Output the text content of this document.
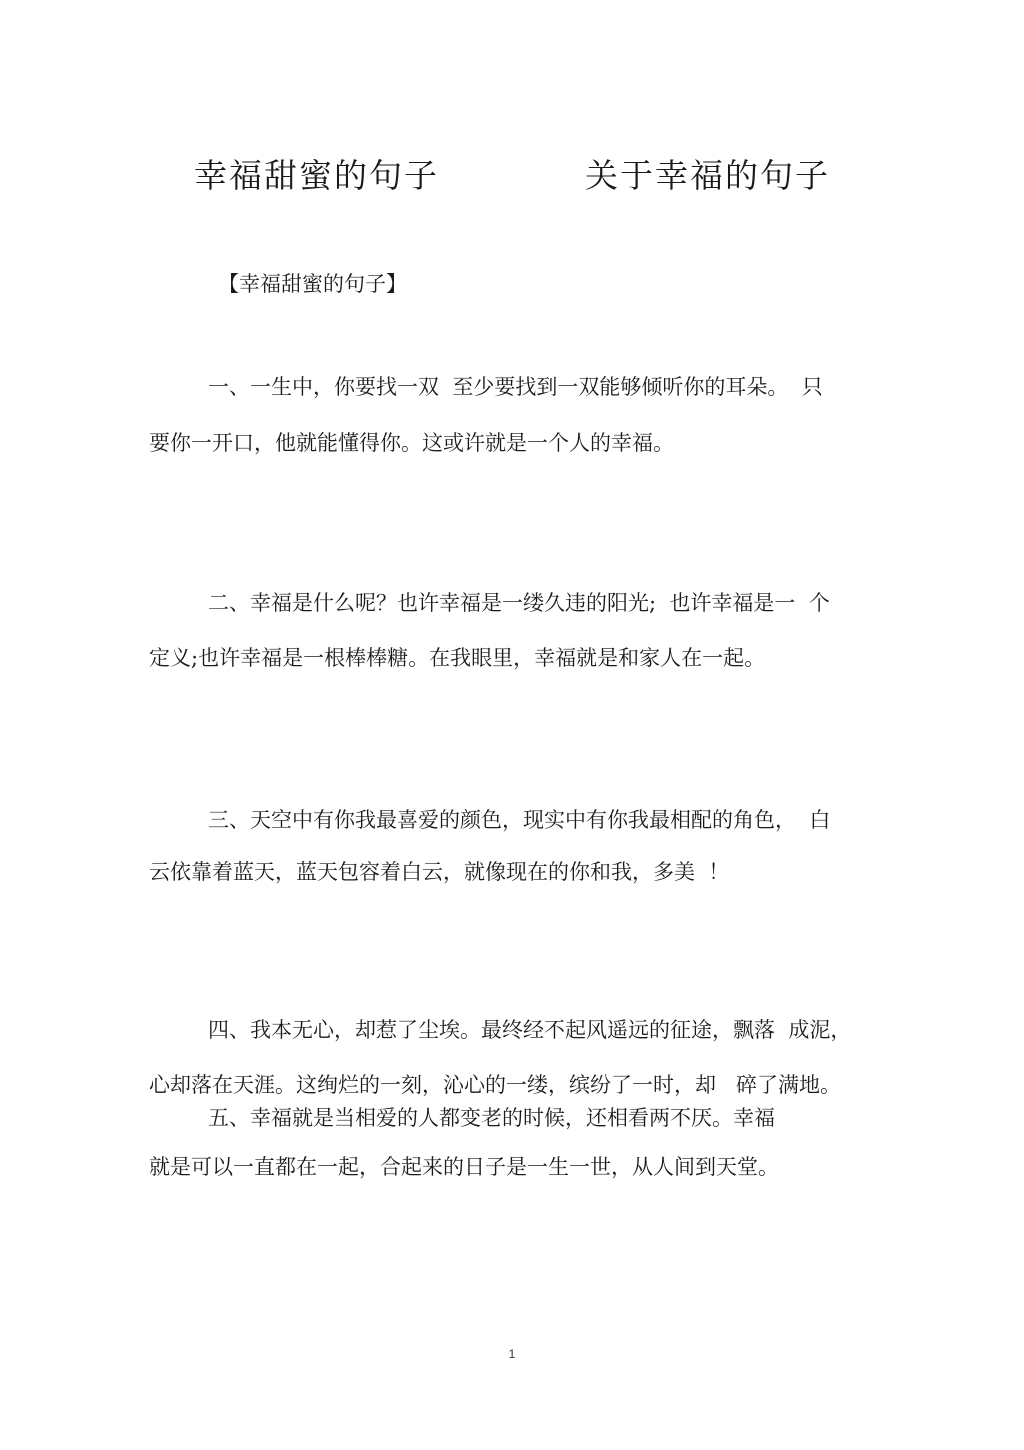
幸福甜蜜的句子    关于幸福的句子
【幸福甜蜜的句子】

一、一生中，你要找一双  至少要找到一双能够倾听你的耳朵。  只

要你一开口，他就能懂得你。这或许就是一个人的幸福。

二、幸福是什么呢？也许幸福是一缕久违的阳光;  也许幸福是一  个

定义;也许幸福是一根棒棒糖。在我眼里，幸福就是和家人在一起。

三、天空中有你我最喜爱的颜色，现实中有你我最相配的角色，  白

云依靠着蓝天，蓝天包容着白云，就像现在的你和我，多美  ！

四、我本无心，却惹了尘埃。最终经不起风遥远的征途，飘落  成泥，

心却落在天涯。这绚烂的一刻，沁心的一缕，缤纷了一时，却   碎了满地。

五、幸福就是当相爱的人都变老的时候，还相看两不厌。幸福

就是可以一直都在一起，合起来的日子是一生一世，从人间到天堂。

1
